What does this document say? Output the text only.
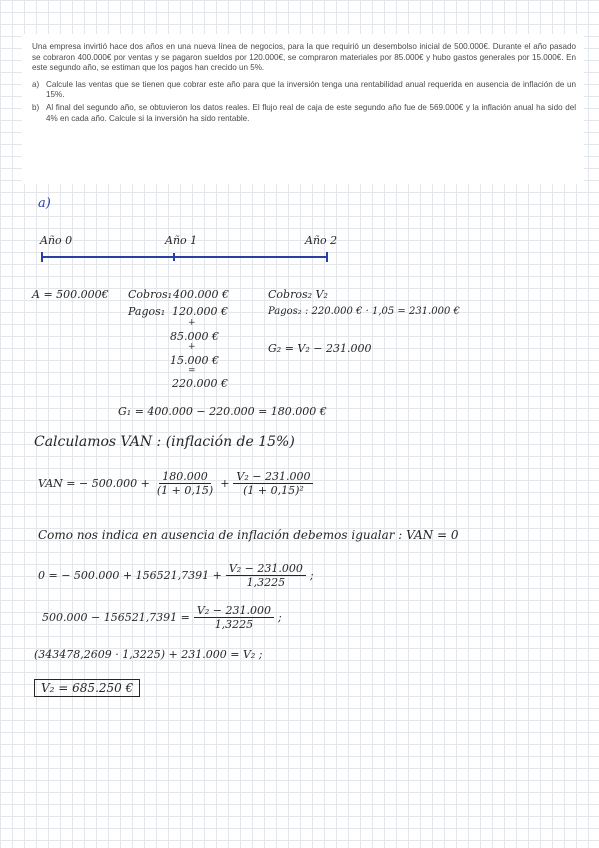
Una empresa invirtió hace dos años en una nueva línea de negocios, para la que requirió un desembolso inicial de 500.000€. Durante el año pasado se cobraron 400.000€ por ventas y se pagaron sueldos por 120.000€, se compraron materiales por 85.000€ y hubo gastos generales por 15.000€. En este segundo año, se estiman que los pagos han crecido un 5%.

a) Calcule las ventas que se tienen que cobrar este año para que la inversión tenga una rentabilidad anual requerida en ausencia de inflación de un 15%.
b) Al final del segundo año, se obtuvieron los datos reales. El flujo real de caja de este segundo año fue de 569.000€ y la inflación anual ha sido del 4% en cada año. Calcule si la inversión ha sido rentable.
a)
Año 0	Año 1	Año 2
A = 500.000€ Cobros₁ 400.000 €
Pagos₁ 120.000 €
+
85.000 €
+
15.000 €
=
220.000 €
Cobros₂ V₂
Pagos₂ : 220.000 € · 1,05 = 231.000 €
G₂ = V₂ − 231.000
G₁ = 400.000 − 220.000 = 180.000 €
Calculamos VAN : (inflación de 15%)
VAN = − $500.000 + \frac{180.000}{(1 + 0,15)} + \frac{\text{V₂ − 231.000}}{\text{(1 + 0,15)²}}$
Como nos indica en ausencia de inflación debemos igualar : VAN = 0
0 = − $500.000 + 156521,7391 + \frac{\text{V₂ − 231.000}}{1,3225}$ ;
$500.000 - 156521,7391 = \frac{\text{V₂ − 231.000}}{1,3225}$ ;
(343478,2609 · 1,3225) + 231.000 = V₂ ;
V₂ = 685.250 €
